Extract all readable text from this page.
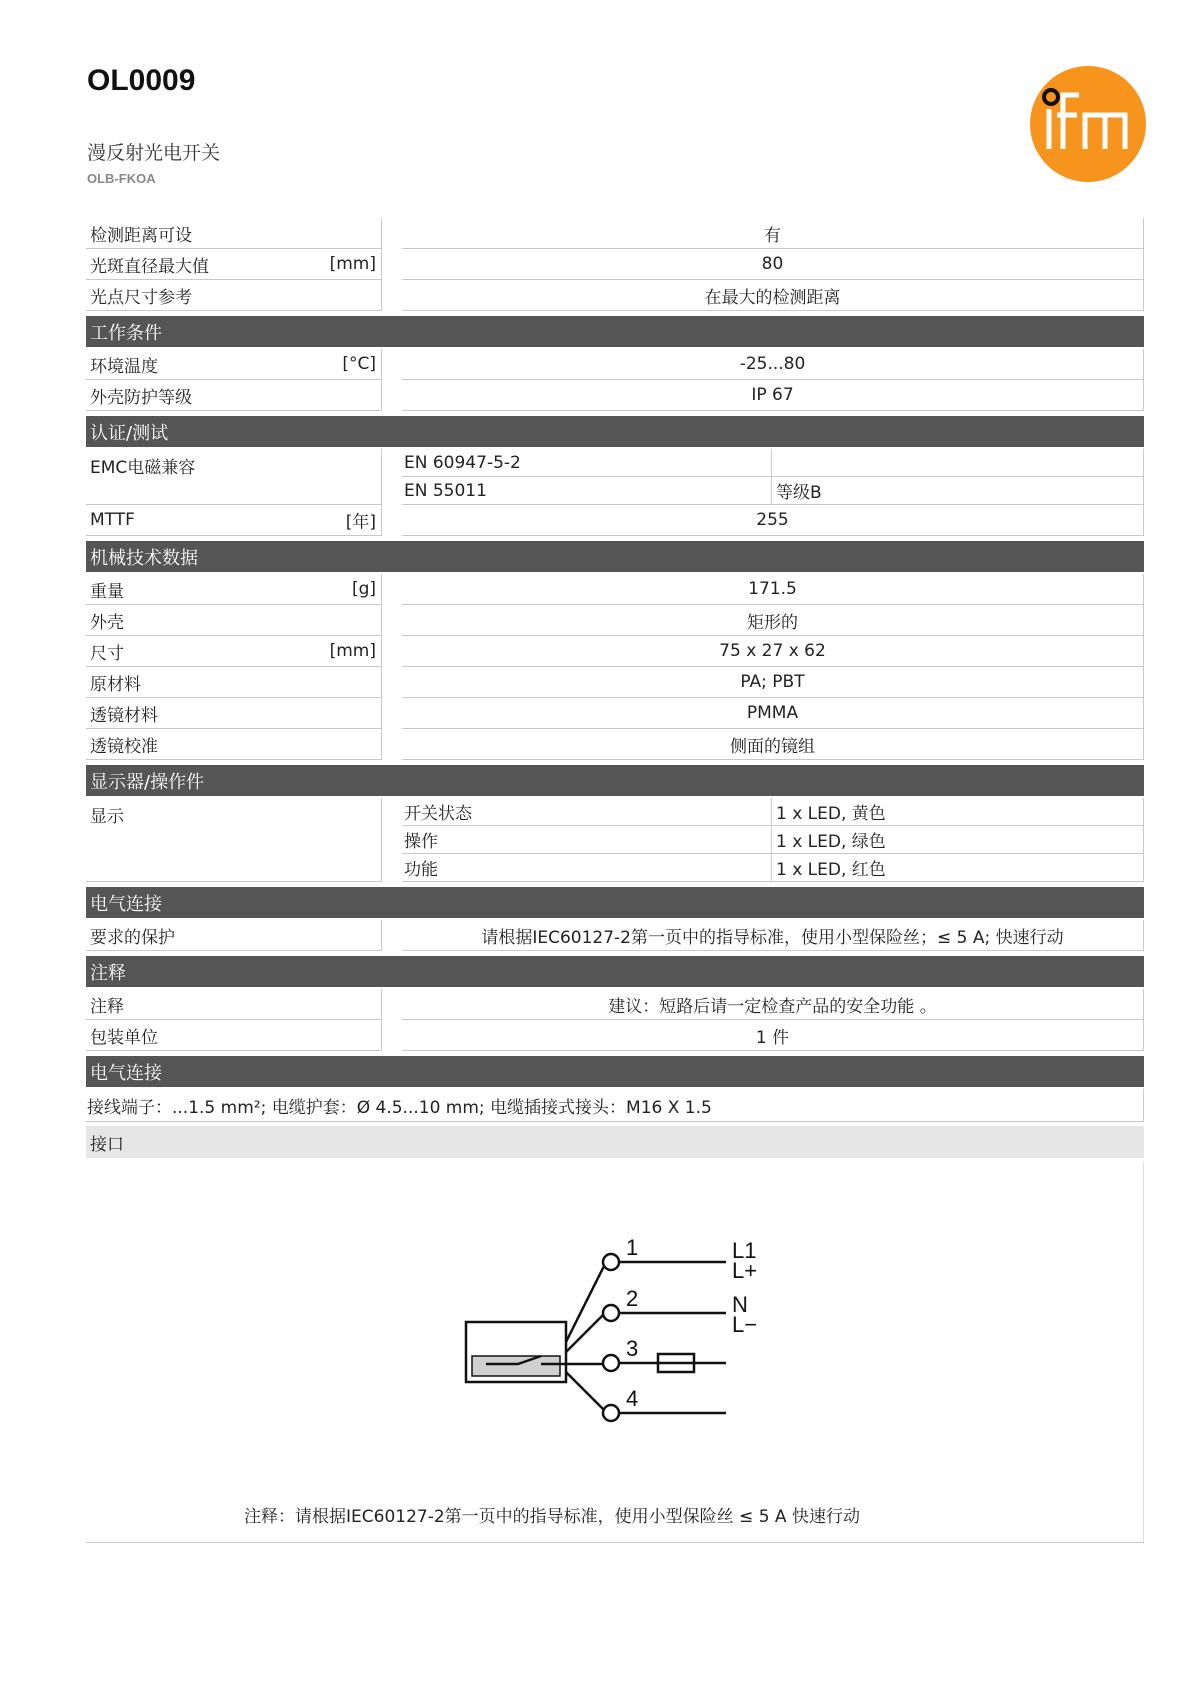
OL0009
漫反射光电开关
OLB-FKOA
检测距离可设	有
光斑直径最大值	[mm]	80
光点尺寸参考	在最大的检测距离
工作条件
环境温度	[°C]	-25...80
外壳防护等级	IP 67
认证/测试
EMC电磁兼容	EN 60947-5-2
EN 55011	等级B
MTTF	[年]	255
机械技术数据
重量	[g]	171.5
外壳	矩形的
尺寸	[mm]	75 x 27 x 62
原材料	PA; PBT
透镜材料	PMMA
透镜校准	侧面的镜组
显示器/操作件
显示	开关状态	1 x LED, 黄色
操作	1 x LED, 绿色
功能	1 x LED, 红色
电气连接
要求的保护	请根据IEC60127-2第一页中的指导标准，使用小型保险丝；≤ 5 A; 快速行动
注释
注释	建议：短路后请一定检查产品的安全功能 。
包装单位	1 件
电气连接
接线端子：...1.5 mm²; 电缆护套：Ø 4.5...10 mm; 电缆插接式接头：M16 X 1.5
接口
1
2
3
4
L1
L+
N
L−
注释：请根据IEC60127-2第一页中的指导标准，使用小型保险丝 ≤ 5 A 快速行动
